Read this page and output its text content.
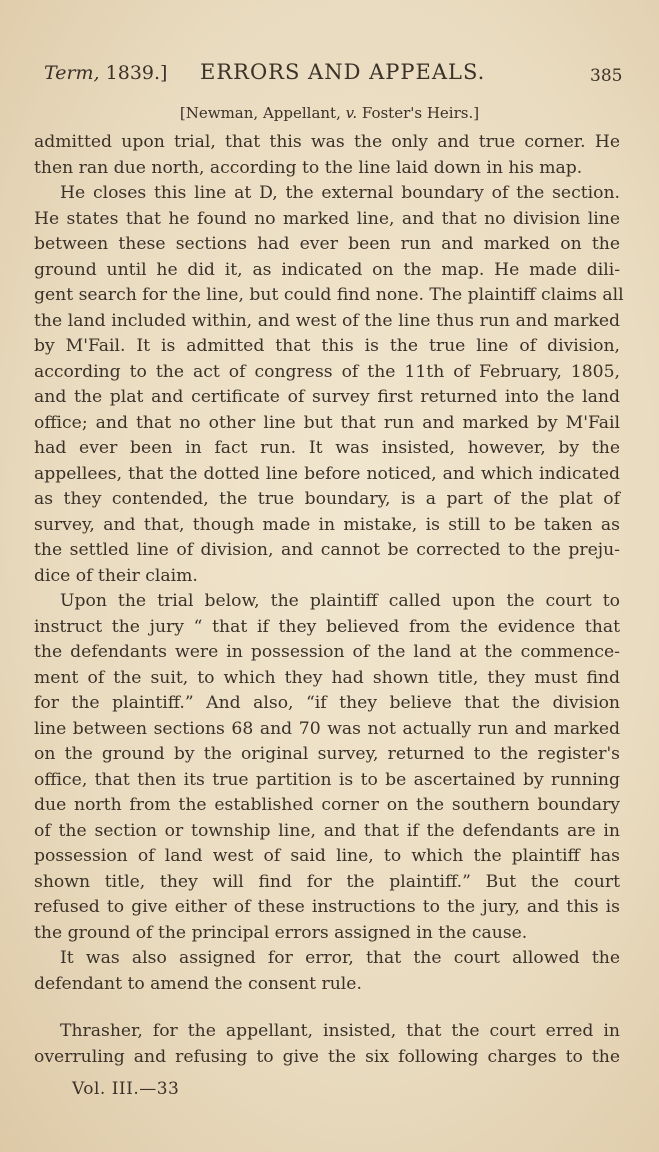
Term, 1839.] ERRORS AND APPEALS.	385
[Newman, Appellant, v. Foster's Heirs.]
admitted upon trial, that this was the only and true corner. He
then ran due north, according to the line laid down in his map.
He closes this line at D, the external boundary of the section.
He states that he found no marked line, and that no division line
between these sections had ever been run and marked on the
ground until he did it, as indicated on the map. He made dili-
gent search for the line, but could find none. The plaintiff claims all
the land included within, and west of the line thus run and marked
by M'Fail. It is admitted that this is the true line of division,
according to the act of congress of the 11th of February, 1805,
and the plat and certificate of survey first returned into the land
office; and that no other line but that run and marked by M'Fail
had ever been in fact run. It was insisted, however, by the
appellees, that the dotted line before noticed, and which indicated
as they contended, the true boundary, is a part of the plat of
survey, and that, though made in mistake, is still to be taken as
the settled line of division, and cannot be corrected to the preju-
dice of their claim.
Upon the trial below, the plaintiff called upon the court to
instruct the jury “ that if they believed from the evidence that
the defendants were in possession of the land at the commence-
ment of the suit, to which they had shown title, they must find
for the plaintiff.” And also, “if they believe that the division
line between sections 68 and 70 was not actually run and marked
on the ground by the original survey, returned to the register's
office, that then its true partition is to be ascertained by running
due north from the established corner on the southern boundary
of the section or township line, and that if the defendants are in
possession of land west of said line, to which the plaintiff has
shown title, they will find for the plaintiff.” But the court
refused to give either of these instructions to the jury, and this is
the ground of the principal errors assigned in the cause.
It was also assigned for error, that the court allowed the
defendant to amend the consent rule.
Thrasher, for the appellant, insisted, that the court erred in
overruling and refusing to give the six following charges to the
Vol. III.—33
